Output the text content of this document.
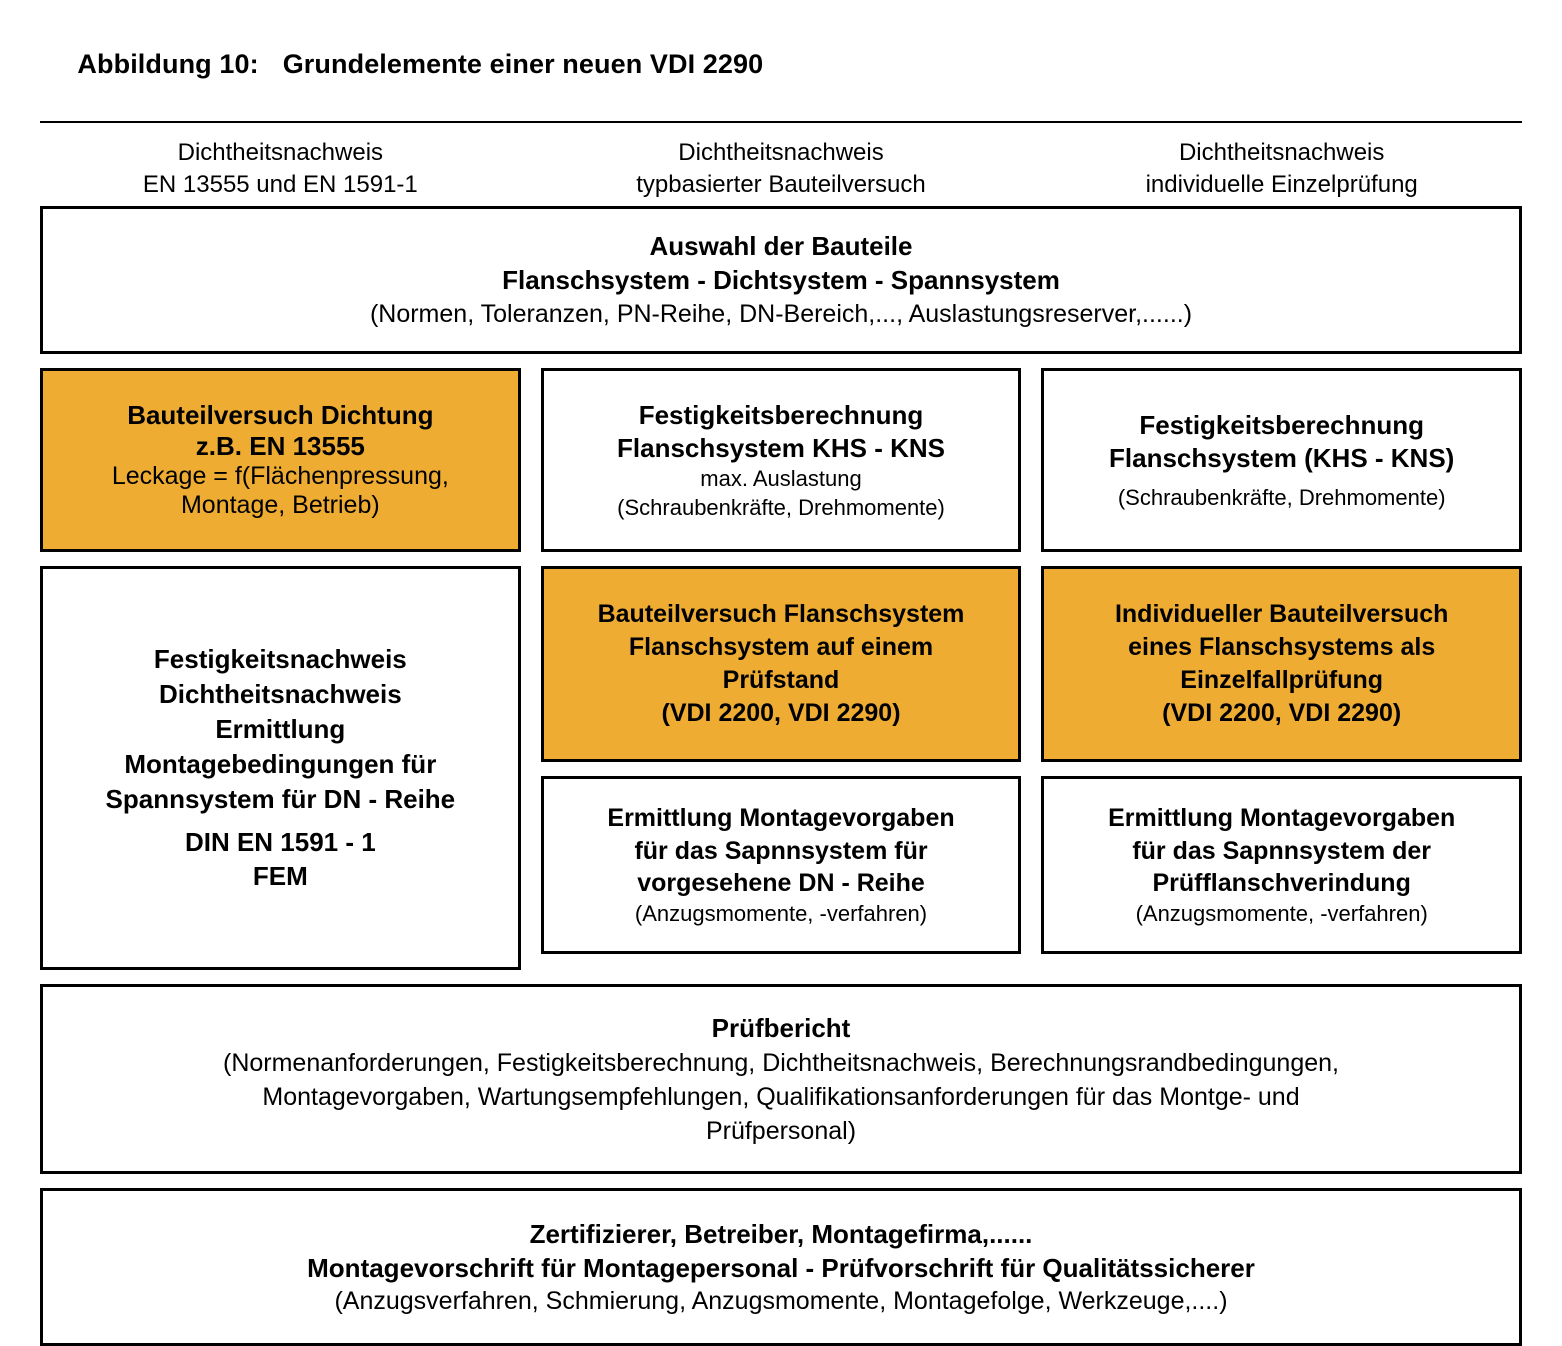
Abbildung 10: Grundelemente einer neuen VDI 2290

Dichtheitsnachweis
EN 13555 und EN 1591-1
Dichtheitsnachweis
typbasierter Bauteilversuch
Dichtheitsnachweis
individuelle Einzelprüfung
Auswahl der Bauteile
Flanschsystem - Dichtsystem - Spannsystem
(Normen, Toleranzen, PN-Reihe, DN-Bereich,..., Auslastungsreserver,......)
Bauteilversuch Dichtung
z.B. EN 13555
Leckage = f(Flächenpressung,
Montage, Betrieb)
Festigkeitsnachweis
Dichtheitsnachweis
Ermittlung
Montagebedingungen für
Spannsystem für DN - Reihe
DIN EN 1591 - 1
FEM
Festigkeitsberechnung
Flanschsystem KHS - KNS
max. Auslastung
(Schraubenkräfte, Drehmomente)
Bauteilversuch Flanschsystem
Flanschsystem auf einem
Prüfstand
(VDI 2200, VDI 2290)
Ermittlung Montagevorgaben
für das Sapnnsystem für
vorgesehene DN - Reihe
(Anzugsmomente, -verfahren)
Festigkeitsberechnung
Flanschsystem (KHS - KNS)
(Schraubenkräfte, Drehmomente)
Individueller Bauteilversuch
eines Flanschsystems als
Einzelfallprüfung
(VDI 2200, VDI 2290)
Ermittlung Montagevorgaben
für das Sapnnsystem der
Prüfflanschverindung
(Anzugsmomente, -verfahren)
Prüfbericht
(Normenanforderungen, Festigkeitsberechnung, Dichtheitsnachweis, Berechnungsrandbedingungen,
Montagevorgaben, Wartungsempfehlungen, Qualifikationsanforderungen für das Montge- und
Prüfpersonal)
Zertifizierer, Betreiber, Montagefirma,......
Montagevorschrift für Montagepersonal - Prüfvorschrift für Qualitätssicherer
(Anzugsverfahren, Schmierung, Anzugsmomente, Montagefolge, Werkzeuge,....)
